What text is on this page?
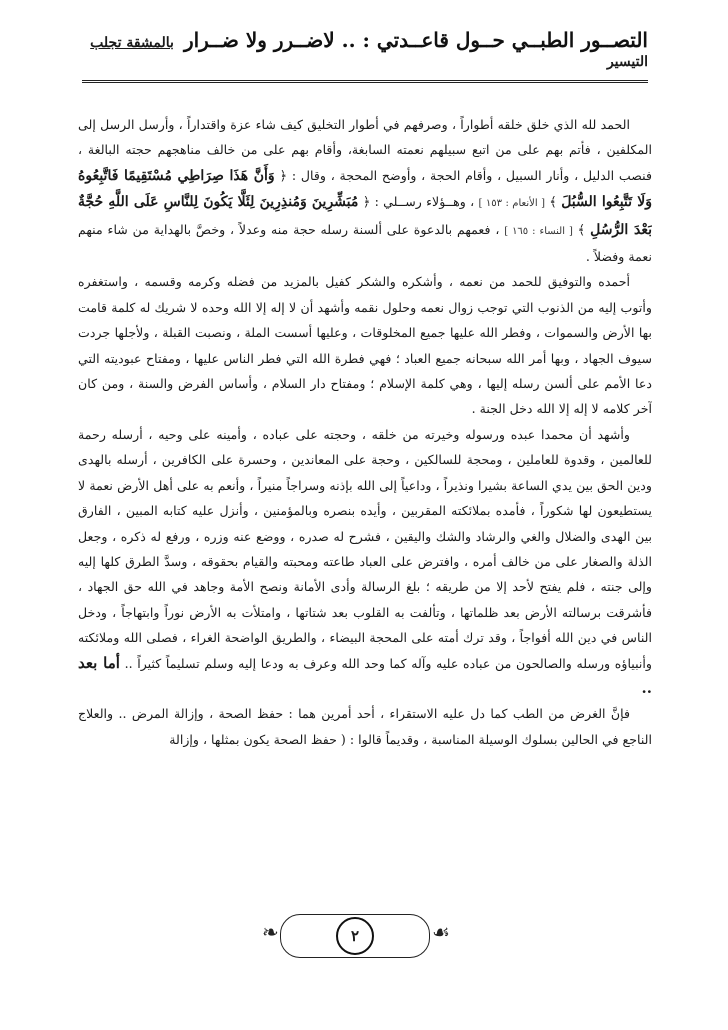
التصــور الطبــي حــول قاعــدتي : .. لاضــرر ولا ضــرار
بالمشقة تجلب
التيسير

الحمد لله الذي خلق خلقه أطواراً ، وصرفهم في أطوار التخليق كيف شاء عزة واقتداراً ، وأرسل الرسل إلى المكلفين ، فأتم بهم على من اتبع سبيلهم نعمته السابغة، وأقام بهم على من خالف مناهجهم حجته البالغة ، فنصب الدليل ، وأنار السبيل ، وأقام الحجة ، وأوضح المحجة ، وقال : ﴿ وَأَنَّ هَذَا صِرَاطِي مُسْتَقِيمًا فَاتَّبِعُوهُ وَلَا تَتَّبِعُوا السُّبُلَ ﴾ [ الأنعام : ١٥٣ ] ، وهــؤلاء رســلي : ﴿ مُبَشِّرِينَ وَمُنذِرِينَ لِئَلَّا يَكُونَ لِلنَّاسِ عَلَى اللَّهِ حُجَّةٌ بَعْدَ الرُّسُلِ ﴾ [ النساء : ١٦٥ ] ، فعمهم بالدعوة على ألسنة رسله حجة منه وعدلاً ، وخصَّ بالهداية من شاء منهم نعمة وفضلاً .

أحمده والتوفيق للحمد من نعمه ، وأشكره والشكر كفيل بالمزيد من فضله وكرمه وقسمه ، واستغفره وأتوب إليه من الذنوب التي توجب زوال نعمه وحلول نقمه وأشهد أن لا إله إلا الله وحده لا شريك له كلمة قامت بها الأرض والسموات ، وفطر الله عليها جميع المخلوقات ، وعليها أسست الملة ، ونصبت القبلة ، ولأجلها جردت سيوف الجهاد ، وبها أمر الله سبحانه جميع العباد ؛ فهي فطرة الله التي فطر الناس عليها ، ومفتاح عبوديته التي دعا الأمم على ألسن رسله إليها ، وهي كلمة الإسلام ؛ ومفتاح دار السلام ، وأساس الفرض والسنة ، ومن كان آخر كلامه لا إله إلا الله دخل الجنة .

وأشهد أن محمدا عبده ورسوله وخيرته من خلقه ، وحجته على عباده ، وأمينه على وحيه ، أرسله رحمة للعالمين ، وقدوة للعاملين ، ومحجة للسالكين ، وحجة على المعاندين ، وحسرة على الكافرين ، أرسله بالهدى ودين الحق بين يدي الساعة بشيرا ونذيراً ، وداعياً إلى الله بإذنه وسراجاً منيراً ، وأنعم به على أهل الأرض نعمة لا يستطيعون لها شكوراً ، فأمده بملائكته المقربين ، وأيده بنصره وبالمؤمنين ، وأنزل عليه كتابه المبين ، الفارق بين الهدى والضلال والغي والرشاد والشك واليقين ، فشرح له صدره ، ووضع عنه وزره ، ورفع له ذكره ، وجعل الذلة والصغار على من خالف أمره ، وافترض على العباد طاعته ومحبته والقيام بحقوقه ، وسدَّ الطرق كلها إليه وإلى جنته ، فلم يفتح لأحد إلا من طريقه ؛ بلغ الرسالة وأدى الأمانة ونصح الأمة وجاهد في الله حق الجهاد ، فأشرقت برسالته الأرض بعد ظلماتها ، وتألفت به القلوب بعد شتاتها ، وامتلأت به الأرض نوراً وابتهاجاً ، ودخل الناس في دين الله أفواجاً ، وقد ترك أمته على المحجة البيضاء ، والطريق الواضحة الغراء ، فصلى الله وملائكته وأنبياؤه ورسله والصالحون من عباده عليه وآله كما وحد الله وعرف به ودعا إليه وسلم تسليماً كثيراً .. أما بعد ..

فإنَّ الغرض من الطب كما دل عليه الاستقراء ، أحد أمرين هما : حفظ الصحة ، وإزالة المرض .. والعلاج الناجع في الحالين بسلوك الوسيلة المناسبة ، وقديماً قالوا : ( حفظ الصحة يكون بمثلها ، وإزالة

❧	٢	☙
